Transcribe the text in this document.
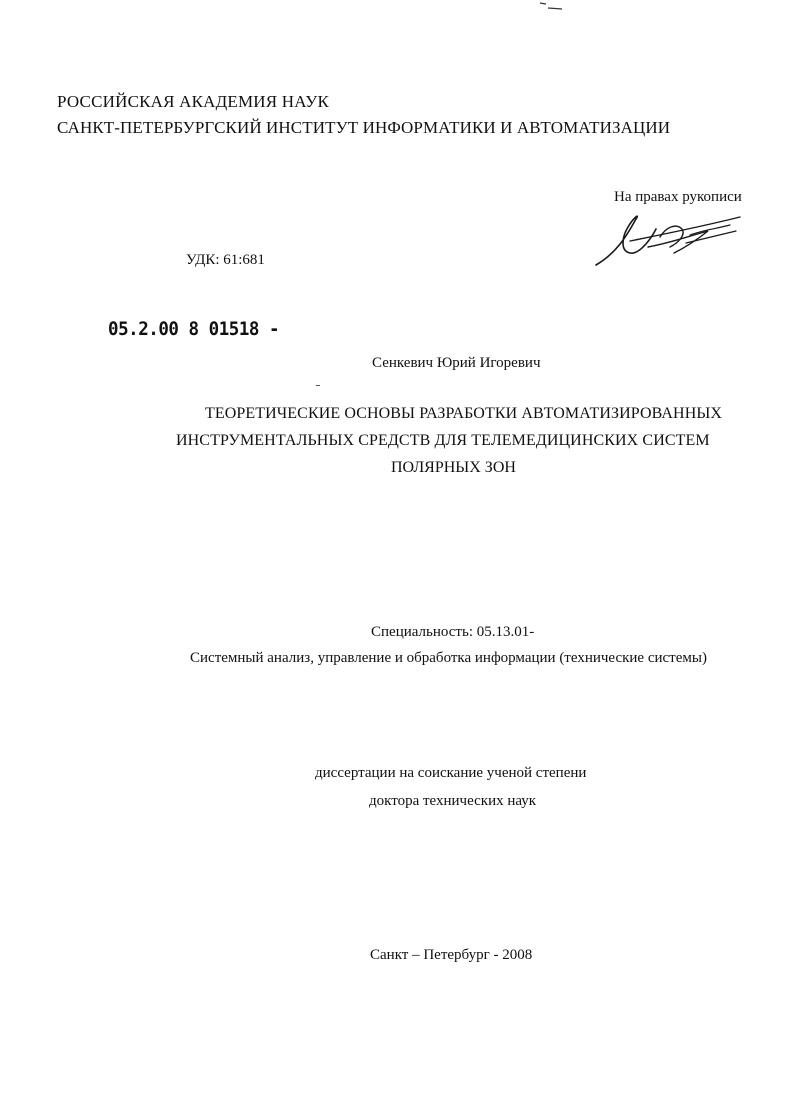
РОССИЙСКАЯ АКАДЕМИЯ НАУК
САНКТ-ПЕТЕРБУРГСКИЙ ИНСТИТУТ ИНФОРМАТИКИ И АВТОМАТИЗАЦИИ
На правах рукописи
УДК: 61:681
05.2.00 8 01518 -
Сенкевич Юрий Игоревич
ТЕОРЕТИЧЕСКИЕ ОСНОВЫ РАЗРАБОТКИ АВТОМАТИЗИРОВАННЫХ
ИНСТРУМЕНТАЛЬНЫХ СРЕДСТВ ДЛЯ ТЕЛЕМЕДИЦИНСКИХ СИСТЕМ
ПОЛЯРНЫХ ЗОН
Специальность: 05.13.01-
Системный анализ, управление и обработка информации (технические системы)
диссертации на соискание ученой степени
доктора технических наук
Санкт – Петербург - 2008
